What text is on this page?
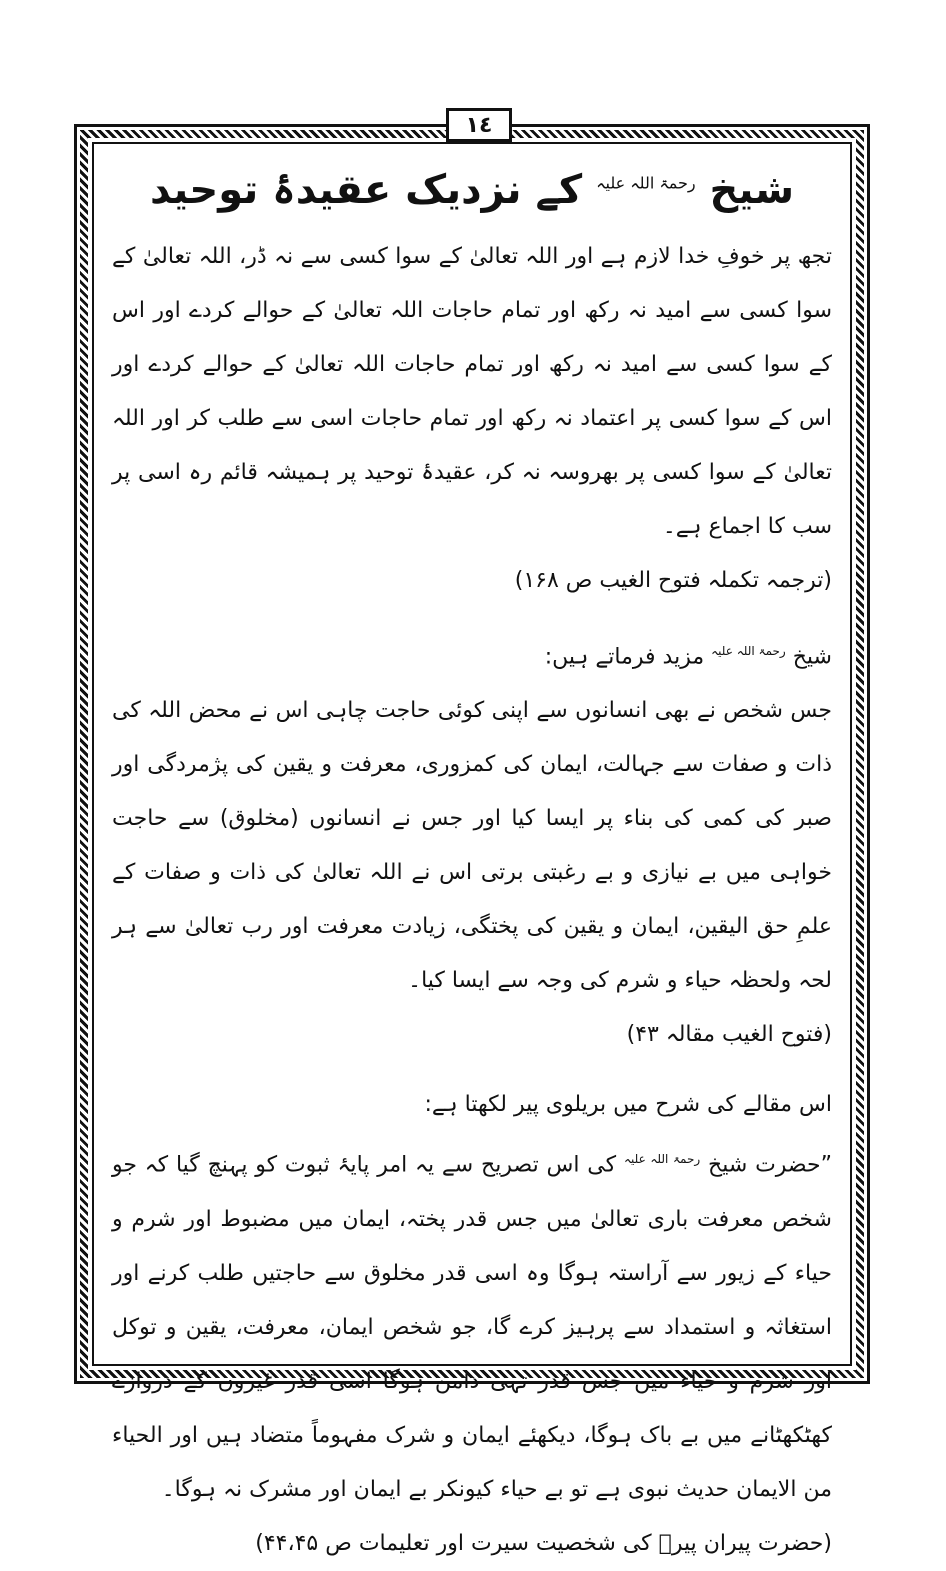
١٤
شیخ $^{رحمۃ اللہ علیہ}$ کے نزدیک عقیدۂ توحید

تجھ پر خوفِ خدا لازم ہے اور اللہ تعالیٰ کے سوا کسی سے نہ ڈر، اللہ تعالیٰ کے سوا کسی سے امید نہ رکھ اور تمام حاجات اللہ تعالیٰ کے حوالے کردے اور اس کے سوا کسی سے امید نہ رکھ اور تمام حاجات اللہ تعالیٰ کے حوالے کردے اور اس کے سوا کسی پر اعتماد نہ رکھ اور تمام حاجات اسی سے طلب کر اور اللہ تعالیٰ کے سوا کسی پر بھروسہ نہ کر، عقیدۂ توحید پر ہمیشہ قائم رہ اسی پر سب کا اجماع ہے۔

(ترجمہ تکملہ فتوح الغیب ص ۱۶۸)

شیخ $^{رحمۃ اللہ علیہ}$ مزید فرماتے ہیں:

جس شخص نے بھی انسانوں سے اپنی کوئی حاجت چاہی اس نے محض اللہ کی ذات و صفات سے جہالت، ایمان کی کمزوری، معرفت و یقین کی پژمردگی اور صبر کی کمی کی بناء پر ایسا کیا اور جس نے انسانوں (مخلوق) سے حاجت خواہی میں بے نیازی و بے رغبتی برتی اس نے اللہ تعالیٰ کی ذات و صفات کے علمِ حق الیقین، ایمان و یقین کی پختگی، زیادت معرفت اور رب تعالیٰ سے ہر لحہ ولحظہ حیاء و شرم کی وجہ سے ایسا کیا۔

(فتوح الغیب مقالہ ۴۳)

اس مقالے کی شرح میں بریلوی پیر لکھتا ہے:

”حضرت شیخ $^{رحمۃ اللہ علیہ}$ کی اس تصریح سے یہ امر پایۂ ثبوت کو پہنچ گیا کہ جو شخص معرفت باری تعالیٰ میں جس قدر پختہ، ایمان میں مضبوط اور شرم و حیاء کے زیور سے آراستہ ہوگا وہ اسی قدر مخلوق سے حاجتیں طلب کرنے اور استغاثہ و استمداد سے پرہیز کرے گا، جو شخص ایمان، معرفت، یقین و توکل اور شرم و حیاء میں جس قدر تہی دامن ہوگا اسی قدر غیروں کے دروازے کھٹکھٹانے میں بے باک ہوگا، دیکھئے ایمان و شرک مفہوماً متضاد ہیں اور الحیاء من الایمان حدیث نبوی ہے تو بے حیاء کیونکر بے ایمان اور مشرک نہ ہوگا۔

(حضرت پیران پیرؒ کی شخصیت سیرت اور تعلیمات ص ۴۴،۴۵)
